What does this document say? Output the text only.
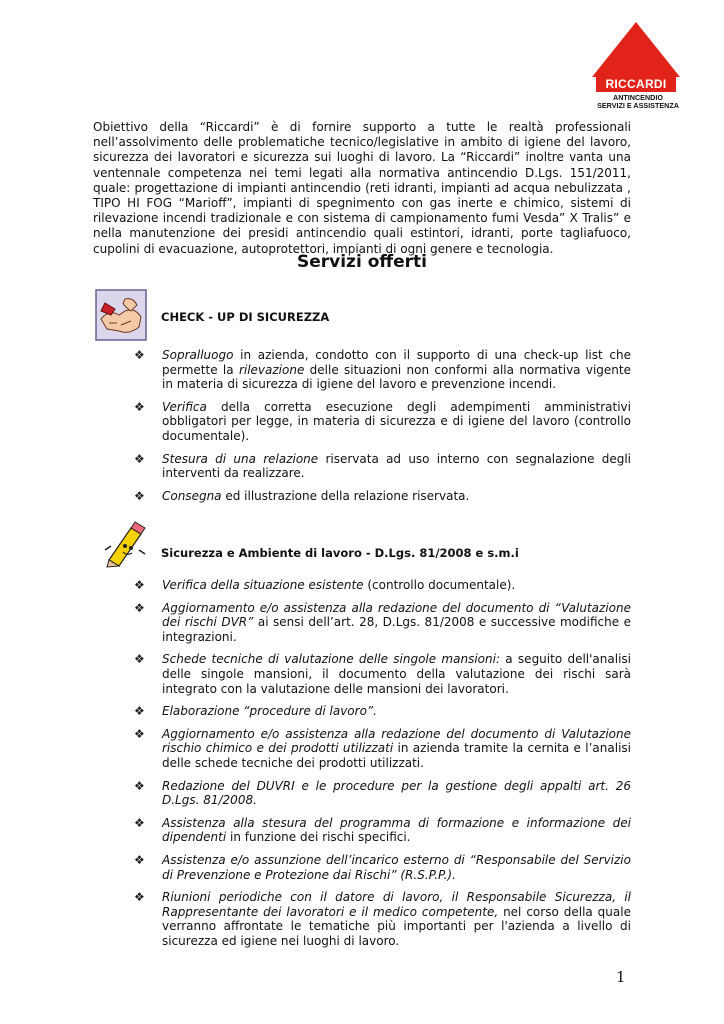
RICCARDI
ANTINCENDIO
SERVIZI E ASSISTENZA

Obiettivo della “Riccardi” è di fornire supporto a tutte le realtà professionali nell’assolvimento delle problematiche tecnico/legislative in ambito di igiene del lavoro, sicurezza dei lavoratori e sicurezza sui luoghi di lavoro. La “Riccardi” inoltre vanta una ventennale competenza nei temi legati alla normativa antincendio D.Lgs. 151/2011, quale: progettazione di impianti antincendio (reti idranti, impianti ad acqua nebulizzata , TIPO HI FOG “Marioff”, impianti di spegnimento con gas inerte e chimico, sistemi di rilevazione incendi tradizionale e con sistema di campionamento fumi Vesda” X Tralis” e nella manutenzione dei presidi antincendio quali estintori, idranti, porte tagliafuoco, cupolini di evacuazione, autoprotettori, impianti di ogni genere e tecnologia.

Servizi offerti
CHECK - UP DI SICUREZZA
❖ Sopralluogo in azienda, condotto con il supporto di una check-up list che permette la rilevazione delle situazioni non conformi alla normativa vigente in materia di sicurezza di igiene del lavoro e prevenzione incendi.
❖ Verifica della corretta esecuzione degli adempimenti amministrativi obbligatori per legge, in materia di sicurezza e di igiene del lavoro (controllo documentale).
❖ Stesura di una relazione riservata ad uso interno con segnalazione degli interventi da realizzare.
❖ Consegna ed illustrazione della relazione riservata.
Sicurezza e Ambiente di lavoro - D.Lgs. 81/2008 e s.m.i
❖ Verifica della situazione esistente (controllo documentale).
❖ Aggiornamento e/o assistenza alla redazione del documento di “Valutazione dei rischi DVR” ai sensi dell’art. 28, D.Lgs. 81/2008 e successive modifiche e integrazioni.
❖ Schede tecniche di valutazione delle singole mansioni: a seguito dell'analisi delle singole mansioni, il documento della valutazione dei rischi sarà integrato con la valutazione delle mansioni dei lavoratori.
❖ Elaborazione “procedure di lavoro”.
❖ Aggiornamento e/o assistenza alla redazione del documento di Valutazione rischio chimico e dei prodotti utilizzati in azienda tramite la cernita e l’analisi delle schede tecniche dei prodotti utilizzati.
❖ Redazione del DUVRI e le procedure per la gestione degli appalti art. 26 D.Lgs. 81/2008.
❖ Assistenza alla stesura del programma di formazione e informazione dei dipendenti in funzione dei rischi specifici.
❖ Assistenza e/o assunzione dell’incarico esterno di “Responsabile del Servizio di Prevenzione e Protezione dai Rischi” (R.S.P.P.).
❖ Riunioni periodiche con il datore di lavoro, il Responsabile Sicurezza, il Rappresentante dei lavoratori e il medico competente, nel corso della quale verranno affrontate le tematiche più importanti per l'azienda a livello di sicurezza ed igiene nei luoghi di lavoro.
1
